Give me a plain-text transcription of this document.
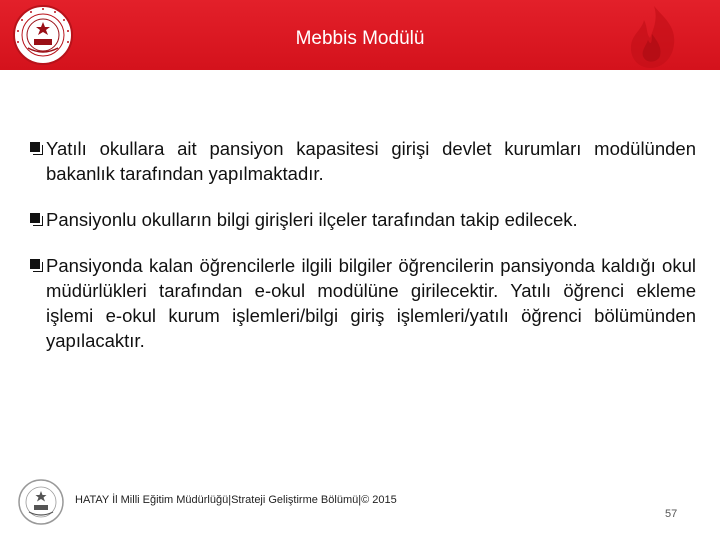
Mebbis Modülü
Yatılı okullara ait pansiyon kapasitesi girişi devlet kurumları modülünden bakanlık tarafından yapılmaktadır.
Pansiyonlu okulların bilgi girişleri ilçeler tarafından takip edilecek.
Pansiyonda kalan öğrencilerle ilgili bilgiler öğrencilerin pansiyonda kaldığı okul müdürlükleri tarafından e-okul modülüne girilecektir. Yatılı öğrenci ekleme işlemi e-okul kurum işlemleri/bilgi giriş işlemleri/yatılı öğrenci bölümünden yapılacaktır.
HATAY İl Milli Eğitim Müdürlüğü|Strateji Geliştirme Bölümü|© 2015
57
